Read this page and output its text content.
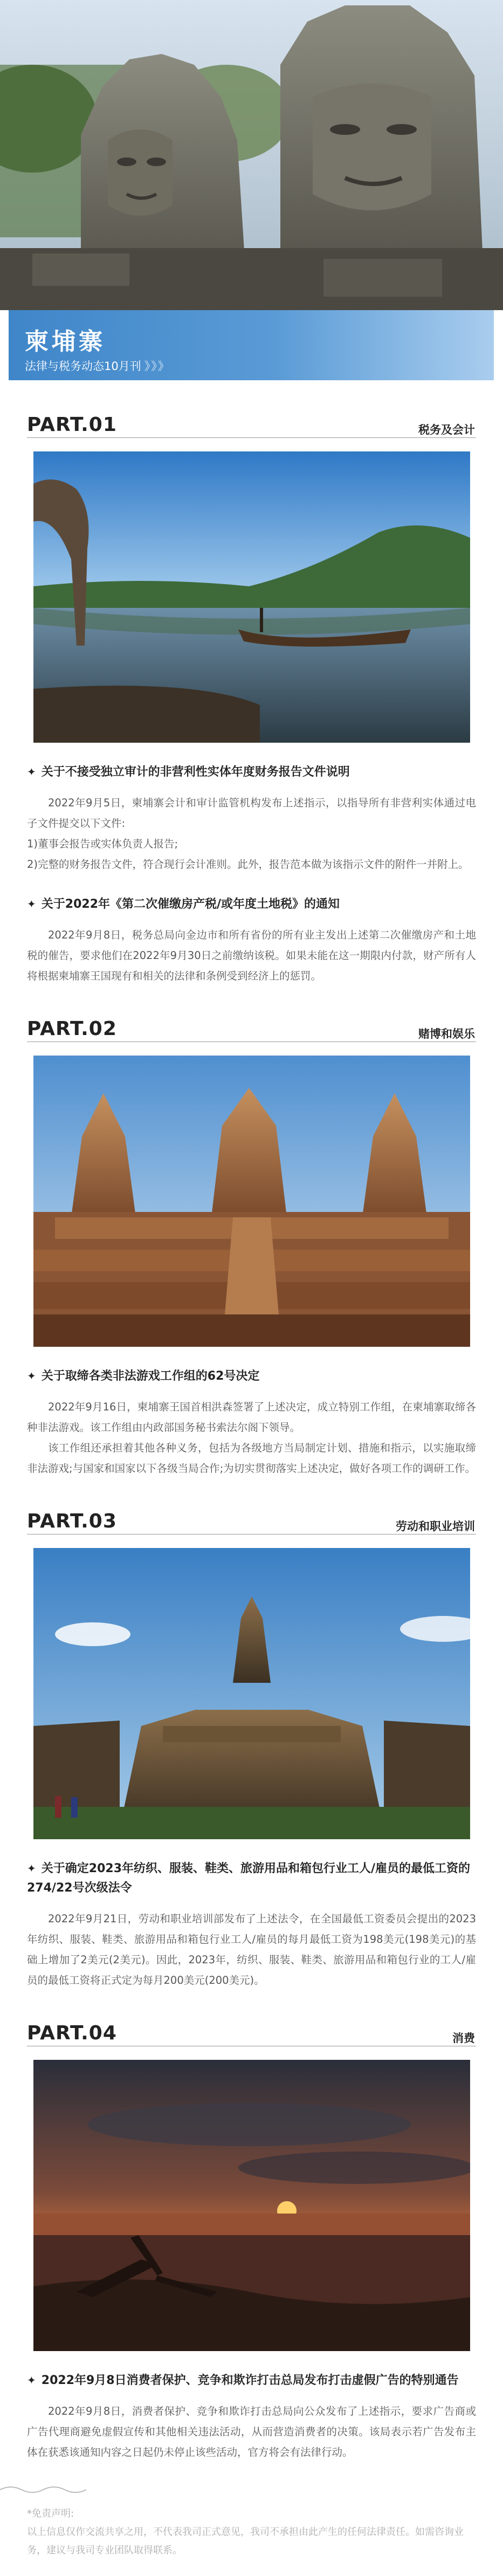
柬埔寨
法律与税务动态10月刊 》》》
PART.01	税务及会计
✦ 关于不接受独立审计的非营利性实体年度财务报告文件说明
2022年9月5日，柬埔寨会计和审计监管机构发布上述指示，以指导所有非营利实体通过电子文件提交以下文件:
1)董事会报告或实体负责人报告;
2)完整的财务报告文件，符合现行会计准则。此外，报告范本做为该指示文件的附件一并附上。
✦ 关于2022年《第二次催缴房产税/或年度土地税》的通知
2022年9月8日，税务总局向金边市和所有省份的所有业主发出上述第二次催缴房产和土地税的催告，要求他们在2022年9月30日之前缴纳该税。如果未能在这一期限内付款，财产所有人将根据柬埔寨王国现有和相关的法律和条例受到经济上的惩罚。
PART.02	赌博和娱乐
✦ 关于取缔各类非法游戏工作组的62号决定
2022年9月16日，柬埔寨王国首相洪森签署了上述决定，成立特别工作组，在柬埔寨取缔各种非法游戏。该工作组由内政部国务秘书索法尔阁下领导。
该工作组还承担着其他各种义务，包括为各级地方当局制定计划、措施和指示，以实施取缔非法游戏;与国家和国家以下各级当局合作;为切实贯彻落实上述决定，做好各项工作的调研工作。
PART.03	劳动和职业培训
✦ 关于确定2023年纺织、服装、鞋类、旅游用品和箱包行业工人/雇员的最低工资的274/22号次级法令
2022年9月21日，劳动和职业培训部发布了上述法令，在全国最低工资委员会提出的2023年纺织、服装、鞋类、旅游用品和箱包行业工人/雇员的每月最低工资为198美元(198美元)的基础上增加了2美元(2美元)。因此，2023年，纺织、服装、鞋类、旅游用品和箱包行业的工人/雇员的最低工资将正式定为每月200美元(200美元)。
PART.04	消费
✦ 2022年9月8日消费者保护、竞争和欺诈打击总局发布打击虚假广告的特别通告
2022年9月8日，消费者保护、竞争和欺诈打击总局向公众发布了上述指示，要求广告商或广告代理商避免虚假宣传和其他相关违法活动，从而营造消费者的决策。该局表示若广告发布主体在获悉该通知内容之日起仍未停止该些活动，官方将会有法律行动。
*免责声明:
以上信息仅作交流共享之用，不代表我司正式意见，我司不承担由此产生的任何法律责任。如需咨询业务，建议与我司专业团队取得联系。
